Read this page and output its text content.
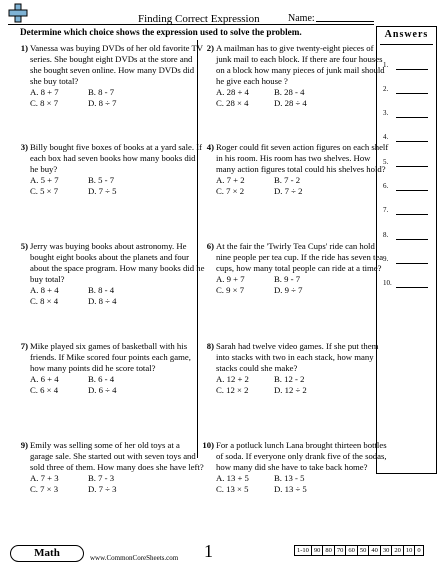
Finding Correct Expression	Name:
Determine which choice shows the expression used to solve the problem.
1) Vanessa was buying DVDs of her old favorite TV series. She bought eight DVDs at the store and she bought seven online. How many DVDs did she buy total?

A. 8 + 7	B. 8 - 7
C. 8 × 7	D. 8 ÷ 7
2) A mailman has to give twenty-eight pieces of junk mail to each block. If there are four houses on a block how many pieces of junk mail should he give each house ?

A. 28 + 4	B. 28 - 4
C. 28 × 4	D. 28 ÷ 4
3) Billy bought five boxes of books at a yard sale. If each box had seven books how many books did he buy?

A. 5 + 7	B. 5 - 7
C. 5 × 7	D. 7 ÷ 5
4) Roger could fit seven action figures on each shelf in his room. His room has two shelves. How many action figures total could his shelves hold?

A. 7 + 2	B. 7 - 2
C. 7 × 2	D. 7 ÷ 2
5) Jerry was buying books about astronomy. He bought eight books about the planets and four about the space program. How many books did he buy total?

A. 8 + 4	B. 8 - 4
C. 8 × 4	D. 8 ÷ 4
6) At the fair the 'Twirly Tea Cups' ride can hold nine people per tea cup. If the ride has seven tea cups, how many total people can ride at a time?

A. 9 + 7	B. 9 - 7
C. 9 × 7	D. 9 ÷ 7
7) Mike played six games of basketball with his friends. If Mike scored four points each game, how many points did he score total?

A. 6 + 4	B. 6 - 4
C. 6 × 4	D. 6 ÷ 4
8) Sarah had twelve video games. If she put them into stacks with two in each stack, how many stacks could she make?

A. 12 + 2	B. 12 - 2
C. 12 × 2	D. 12 ÷ 2
9) Emily was selling some of her old toys at a garage sale. She started out with seven toys and sold three of them. How many does she have left?

A. 7 + 3	B. 7 - 3
C. 7 × 3	D. 7 ÷ 3
10) For a potluck lunch Lana brought thirteen bottles of soda. If everyone only drank five of the sodas, how many did she have to take back home?

A. 13 + 5	B. 13 - 5
C. 13 × 5	D. 13 ÷ 5
Answers
1.
2.
3.
4.
5.
6.
7.
8.
9.
10.
Math	www.CommonCoreSheets.com 1	1-10 90 80 70 60 50 40 30 20 10 0
